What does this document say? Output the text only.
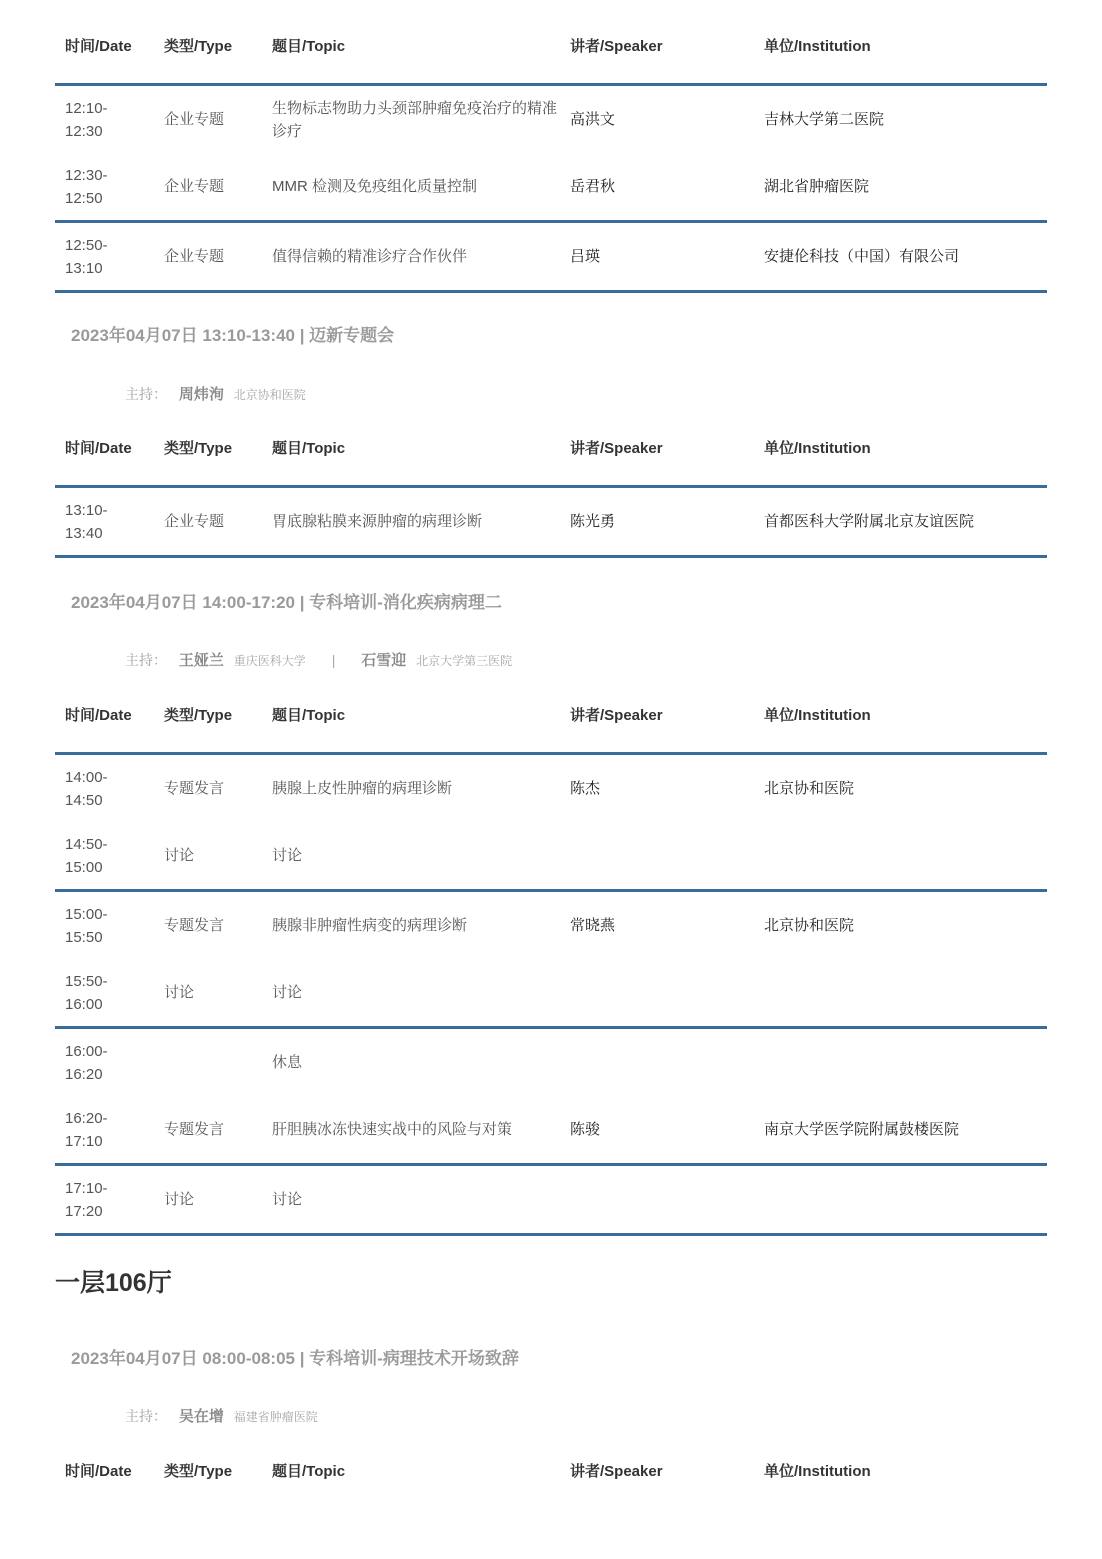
时间/Date	类型/Type	题目/Topic	讲者/Speaker	单位/Institution
12:10-
12:30	企业专题	生物标志物助力头颈部肿瘤免疫治疗的精准诊疗	高洪文	吉林大学第二医院
12:30-
12:50	企业专题	MMR 检测及免疫组化质量控制	岳君秋	湖北省肿瘤医院
12:50-
13:10	企业专题	值得信赖的精准诊疗合作伙伴	吕瑛	安捷伦科技（中国）有限公司
2023年04月07日 13:10-13:40 | 迈新专题会
主持： 周炜洵 北京协和医院
时间/Date	类型/Type	题目/Topic	讲者/Speaker	单位/Institution
13:10-
13:40	企业专题	胃底腺粘膜来源肿瘤的病理诊断	陈光勇	首都医科大学附属北京友谊医院
2023年04月07日 14:00-17:20 | 专科培训-消化疾病病理二
主持： 王娅兰 重庆医科大学 | 石雪迎 北京大学第三医院
时间/Date	类型/Type	题目/Topic	讲者/Speaker	单位/Institution
14:00-
14:50	专题发言	胰腺上皮性肿瘤的病理诊断	陈杰	北京协和医院
14:50-
15:00	讨论	讨论		
15:00-
15:50	专题发言	胰腺非肿瘤性病变的病理诊断	常晓燕	北京协和医院
15:50-
16:00	讨论	讨论		
16:00-
16:20		休息		
16:20-
17:10	专题发言	肝胆胰冰冻快速实战中的风险与对策	陈骏	南京大学医学院附属鼓楼医院
17:10-
17:20	讨论	讨论		
一层106厅
2023年04月07日 08:00-08:05 | 专科培训-病理技术开场致辞
主持： 吴在增 福建省肿瘤医院
时间/Date	类型/Type	题目/Topic	讲者/Speaker	单位/Institution
